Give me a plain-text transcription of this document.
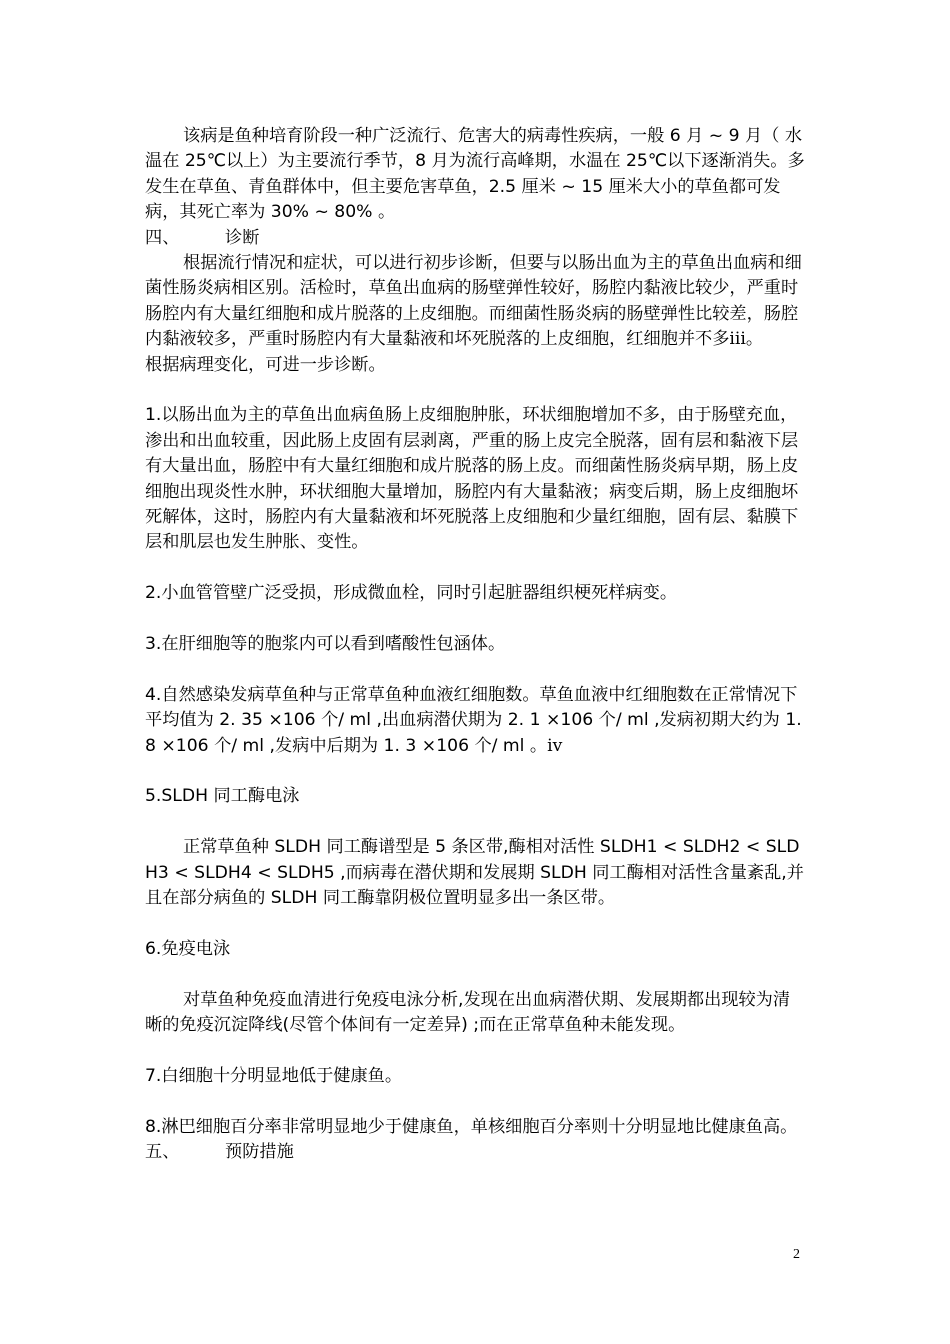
该病是鱼种培育阶段一种广泛流行、危害大的病毒性疾病，一般 6 月 ~ 9 月（ 水温在 25℃以上）为主要流行季节，8 月为流行高峰期，水温在 25℃以下逐渐消失。多发生在草鱼、青鱼群体中，但主要危害草鱼，2.5 厘米 ~ 15 厘米大小的草鱼都可发病，其死亡率为 30% ~ 80% 。

四、	诊断

根据流行情况和症状，可以进行初步诊断，但要与以肠出血为主的草鱼出血病和细菌性肠炎病相区别。活检时，草鱼出血病的肠壁弹性较好，肠腔内黏液比较少，严重时肠腔内有大量红细胞和成片脱落的上皮细胞。而细菌性肠炎病的肠壁弹性比较差，肠腔内黏液较多，严重时肠腔内有大量黏液和坏死脱落的上皮细胞，红细胞并不多iii。

根据病理变化，可进一步诊断。

1.以肠出血为主的草鱼出血病鱼肠上皮细胞肿胀，环状细胞增加不多，由于肠壁充血，渗出和出血较重，因此肠上皮固有层剥离，严重的肠上皮完全脱落，固有层和黏液下层有大量出血，肠腔中有大量红细胞和成片脱落的肠上皮。而细菌性肠炎病早期，肠上皮细胞出现炎性水肿，环状细胞大量增加，肠腔内有大量黏液；病变后期，肠上皮细胞坏死解体，这时，肠腔内有大量黏液和坏死脱落上皮细胞和少量红细胞，固有层、黏膜下层和肌层也发生肿胀、变性。

2.小血管管壁广泛受损，形成微血栓，同时引起脏器组织梗死样病变。

3.在肝细胞等的胞浆内可以看到嗜酸性包涵体。

4.自然感染发病草鱼种与正常草鱼种血液红细胞数。草鱼血液中红细胞数在正常情况下平均值为 2. 35 ×106 个/ ml ,出血病潜伏期为 2. 1 ×106 个/ ml ,发病初期大约为 1. 8 ×106 个/ ml ,发病中后期为 1. 3 ×106 个/ ml 。iv

5.SLDH 同工酶电泳

正常草鱼种 SLDH 同工酶谱型是 5 条区带,酶相对活性 SLDH1 < SLDH2 < SLDH3 < SLDH4 < SLDH5 ,而病毒在潜伏期和发展期 SLDH 同工酶相对活性含量紊乱,并且在部分病鱼的 SLDH 同工酶靠阴极位置明显多出一条区带。

6.免疫电泳

对草鱼种免疫血清进行免疫电泳分析,发现在出血病潜伏期、发展期都出现较为清晰的免疫沉淀降线(尽管个体间有一定差异) ;而在正常草鱼种未能发现。

7.白细胞十分明显地低于健康鱼。

8.淋巴细胞百分率非常明显地少于健康鱼，单核细胞百分率则十分明显地比健康鱼高。

五、	预防措施

2
